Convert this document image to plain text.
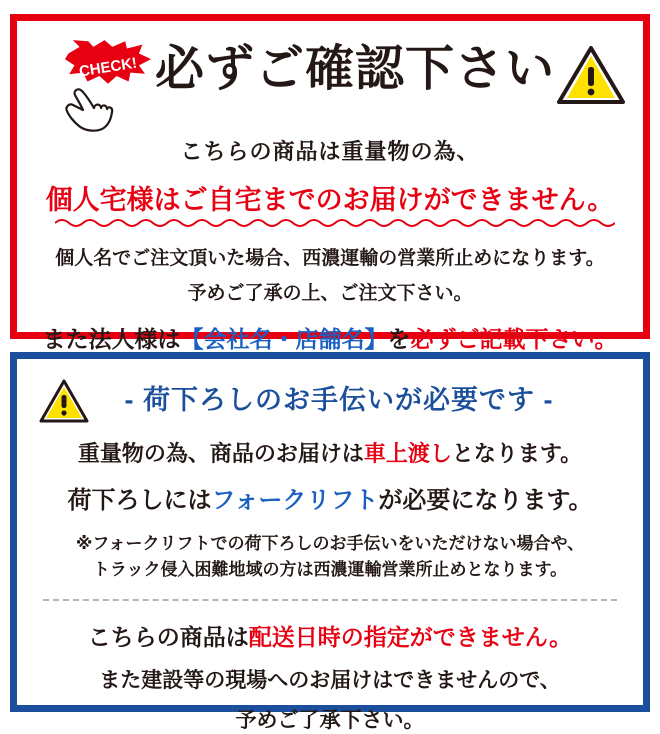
CHECK! 必ずご確認下さい
こちらの商品は重量物の為、
個人宅様はご自宅までのお届けができません。
個人名でご注文頂いた場合、西濃運輸の営業所止めになります。
予めご了承の上、ご注文下さい。
また法人様は【会社名・店舗名】を必ずご記載下さい。
- 荷下ろしのお手伝いが必要です -
重量物の為、商品のお届けは車上渡しとなります。
荷下ろしにはフォークリフトが必要になります。
※フォークリフトでの荷下ろしのお手伝いをいただけない場合や、
トラック侵入困難地域の方は西濃運輸営業所止めとなります。
こちらの商品は配送日時の指定ができません。
また建設等の現場へのお届けはできませんので、
予めご了承下さい。
